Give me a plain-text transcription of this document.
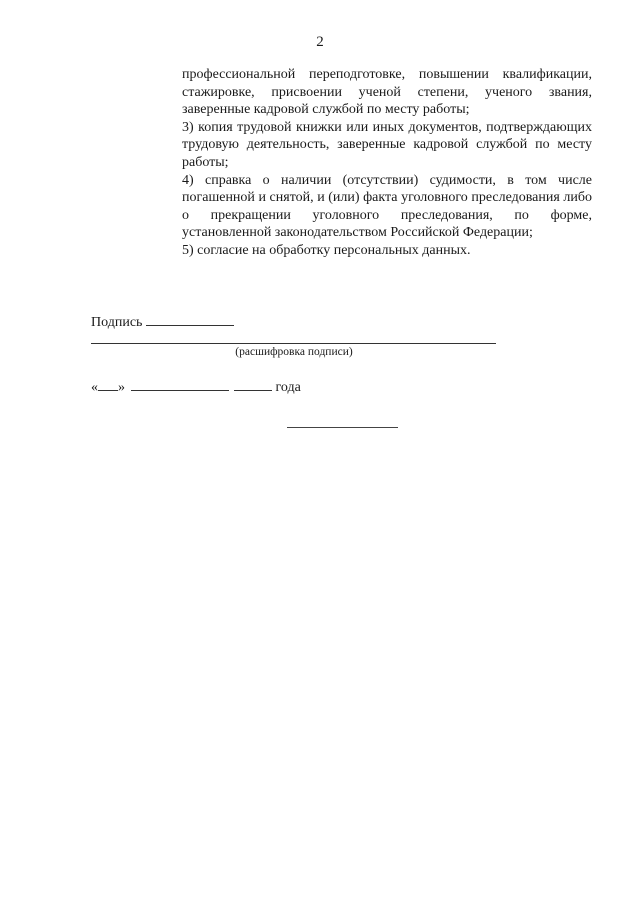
2

профессиональной переподготовке, повышении квалификации, стажировке, присвоении ученой степени, ученого звания, заверенные кадровой службой по месту работы;

3) копия трудовой книжки или иных документов, подтверждающих трудовую деятельность, заверенные кадровой службой по месту работы;

4) справка о наличии (отсутствии) судимости, в том числе погашенной и снятой, и (или) факта уголовного преследования либо о прекращении уголовного преследования, по форме, установленной законодательством Российской Федерации;

5) согласие на обработку персональных данных.

Подпись
(расшифровка подписи)
« »	года
